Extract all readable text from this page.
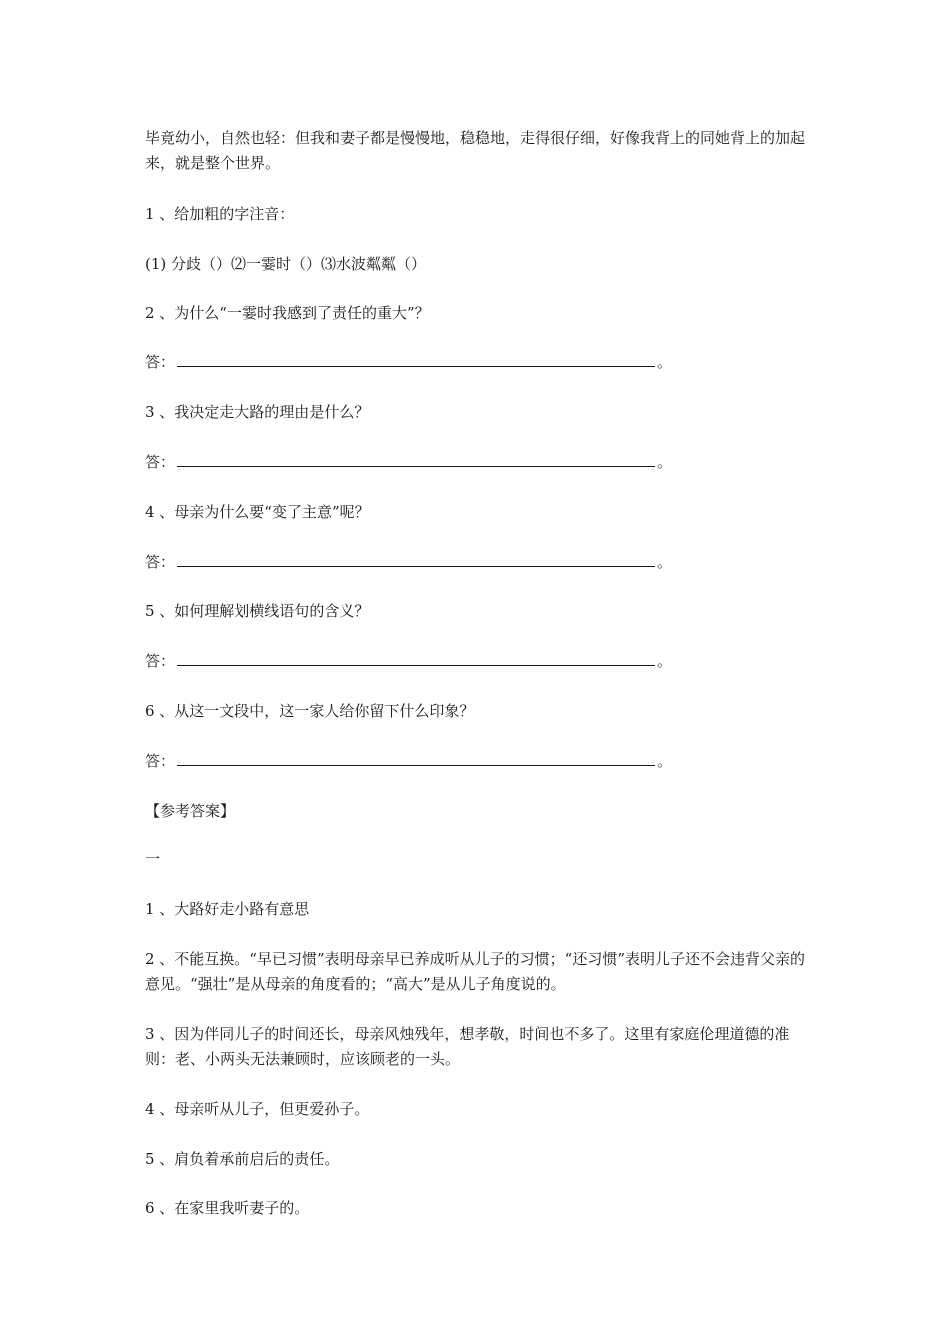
毕竟幼小，自然也轻：但我和妻子都是慢慢地，稳稳地，走得很仔细，好像我背上的同她背上的加起来，就是整个世界。
1 、给加粗的字注音：
(1) 分歧（）⑵一霎时（）⑶水波粼粼（）
2 、为什么“一霎时我感到了责任的重大”？
答：	。
3 、我决定走大路的理由是什么？
答：	。
4 、母亲为什么要“变了主意”呢？
答：	。
5 、如何理解划横线语句的含义？
答：	。
6 、从这一文段中，这一家人给你留下什么印象？
答：	。
【参考答案】
一
1 、大路好走小路有意思
2 、不能互换。“早已习惯”表明母亲早已养成听从儿子的习惯；“还习惯”表明儿子还不会违背父亲的意见。“强壮”是从母亲的角度看的；“高大”是从儿子角度说的。
3 、因为伴同儿子的时间还长，母亲风烛残年，想孝敬，时间也不多了。这里有家庭伦理道德的准则：老、小两头无法兼顾时，应该顾老的一头。
4 、母亲听从儿子，但更爱孙子。
5 、肩负着承前启后的责任。
6 、在家里我听妻子的。
